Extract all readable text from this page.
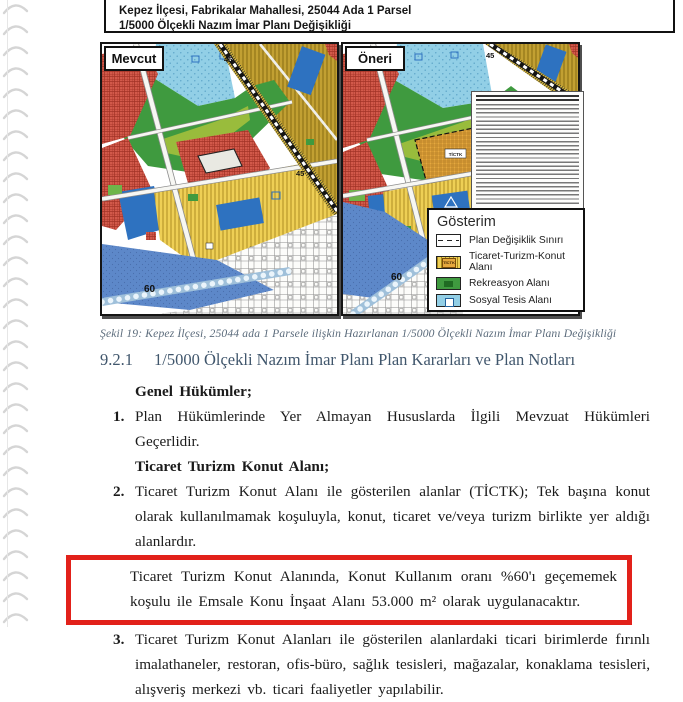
Kepez İlçesi, Fabrikalar Mahallesi, 25044 Ada 1 Parsel
1/5000 Ölçekli Nazım İmar Planı Değişikliği
45
45
60
Mevcut
TİCTK
45
60
Öneri
Gösterim
Plan Değişiklik Sınırı
TİCTK
Ticaret-Turizm-Konut Alanı
Rekreasyon Alanı
Sosyal Tesis Alanı

Şekil 19: Kepez İlçesi, 25044 ada 1 Parsele ilişkin Hazırlanan 1/5000 Ölçekli Nazım İmar Planı Değişikliği

9.2.1 1/5000 Ölçekli Nazım İmar Planı Plan Kararları ve Plan Notları

Genel Hükümler;

1. Plan Hükümlerinde Yer Almayan Hususlarda İlgili Mevzuat Hükümleri Geçerlidir.

Ticaret Turizm Konut Alanı;

2. Ticaret Turizm Konut Alanı ile gösterilen alanlar (TİCTK); Tek başına konut olarak kullanılmamak koşuluyla, konut, ticaret ve/veya turizm birlikte yer aldığı alanlardır.

Ticaret Turizm Konut Alanında, Konut Kullanım oranı %60'ı geçememek koşulu ile Emsale Konu İnşaat Alanı 53.000 m² olarak uygulanacaktır.

3. Ticaret Turizm Konut Alanları ile gösterilen alanlardaki ticari birimlerde fırınlı imalathaneler, restoran, ofis-büro, sağlık tesisleri, mağazalar, konaklama tesisleri, alışveriş merkezi vb. ticari faaliyetler yapılabilir.
